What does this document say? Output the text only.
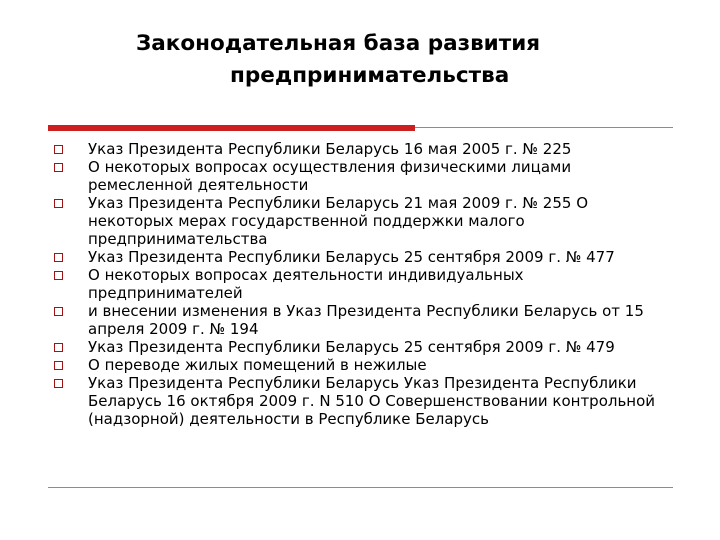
Законодательная база развития
предпринимательства
Указ Президента Республики Беларусь 16 мая 2005 г. № 225
О некоторых вопросах осуществления физическими лицами ремесленной деятельности
Указ Президента Республики Беларусь 21 мая 2009 г. № 255 О некоторых мерах государственной поддержки малого предпринимательства
Указ Президента Республики Беларусь 25 сентября 2009 г. № 477
О некоторых вопросах деятельности индивидуальных предпринимателей
и внесении изменения в Указ Президента Республики Беларусь от 15 апреля 2009 г. № 194
Указ Президента Республики Беларусь 25 сентября 2009 г. № 479
О переводе жилых помещений в нежилые
Указ Президента Республики Беларусь Указ Президента Республики Беларусь 16 октября 2009 г. N 510 О Совершенствовании контрольной (надзорной) деятельности в Республике Беларусь
